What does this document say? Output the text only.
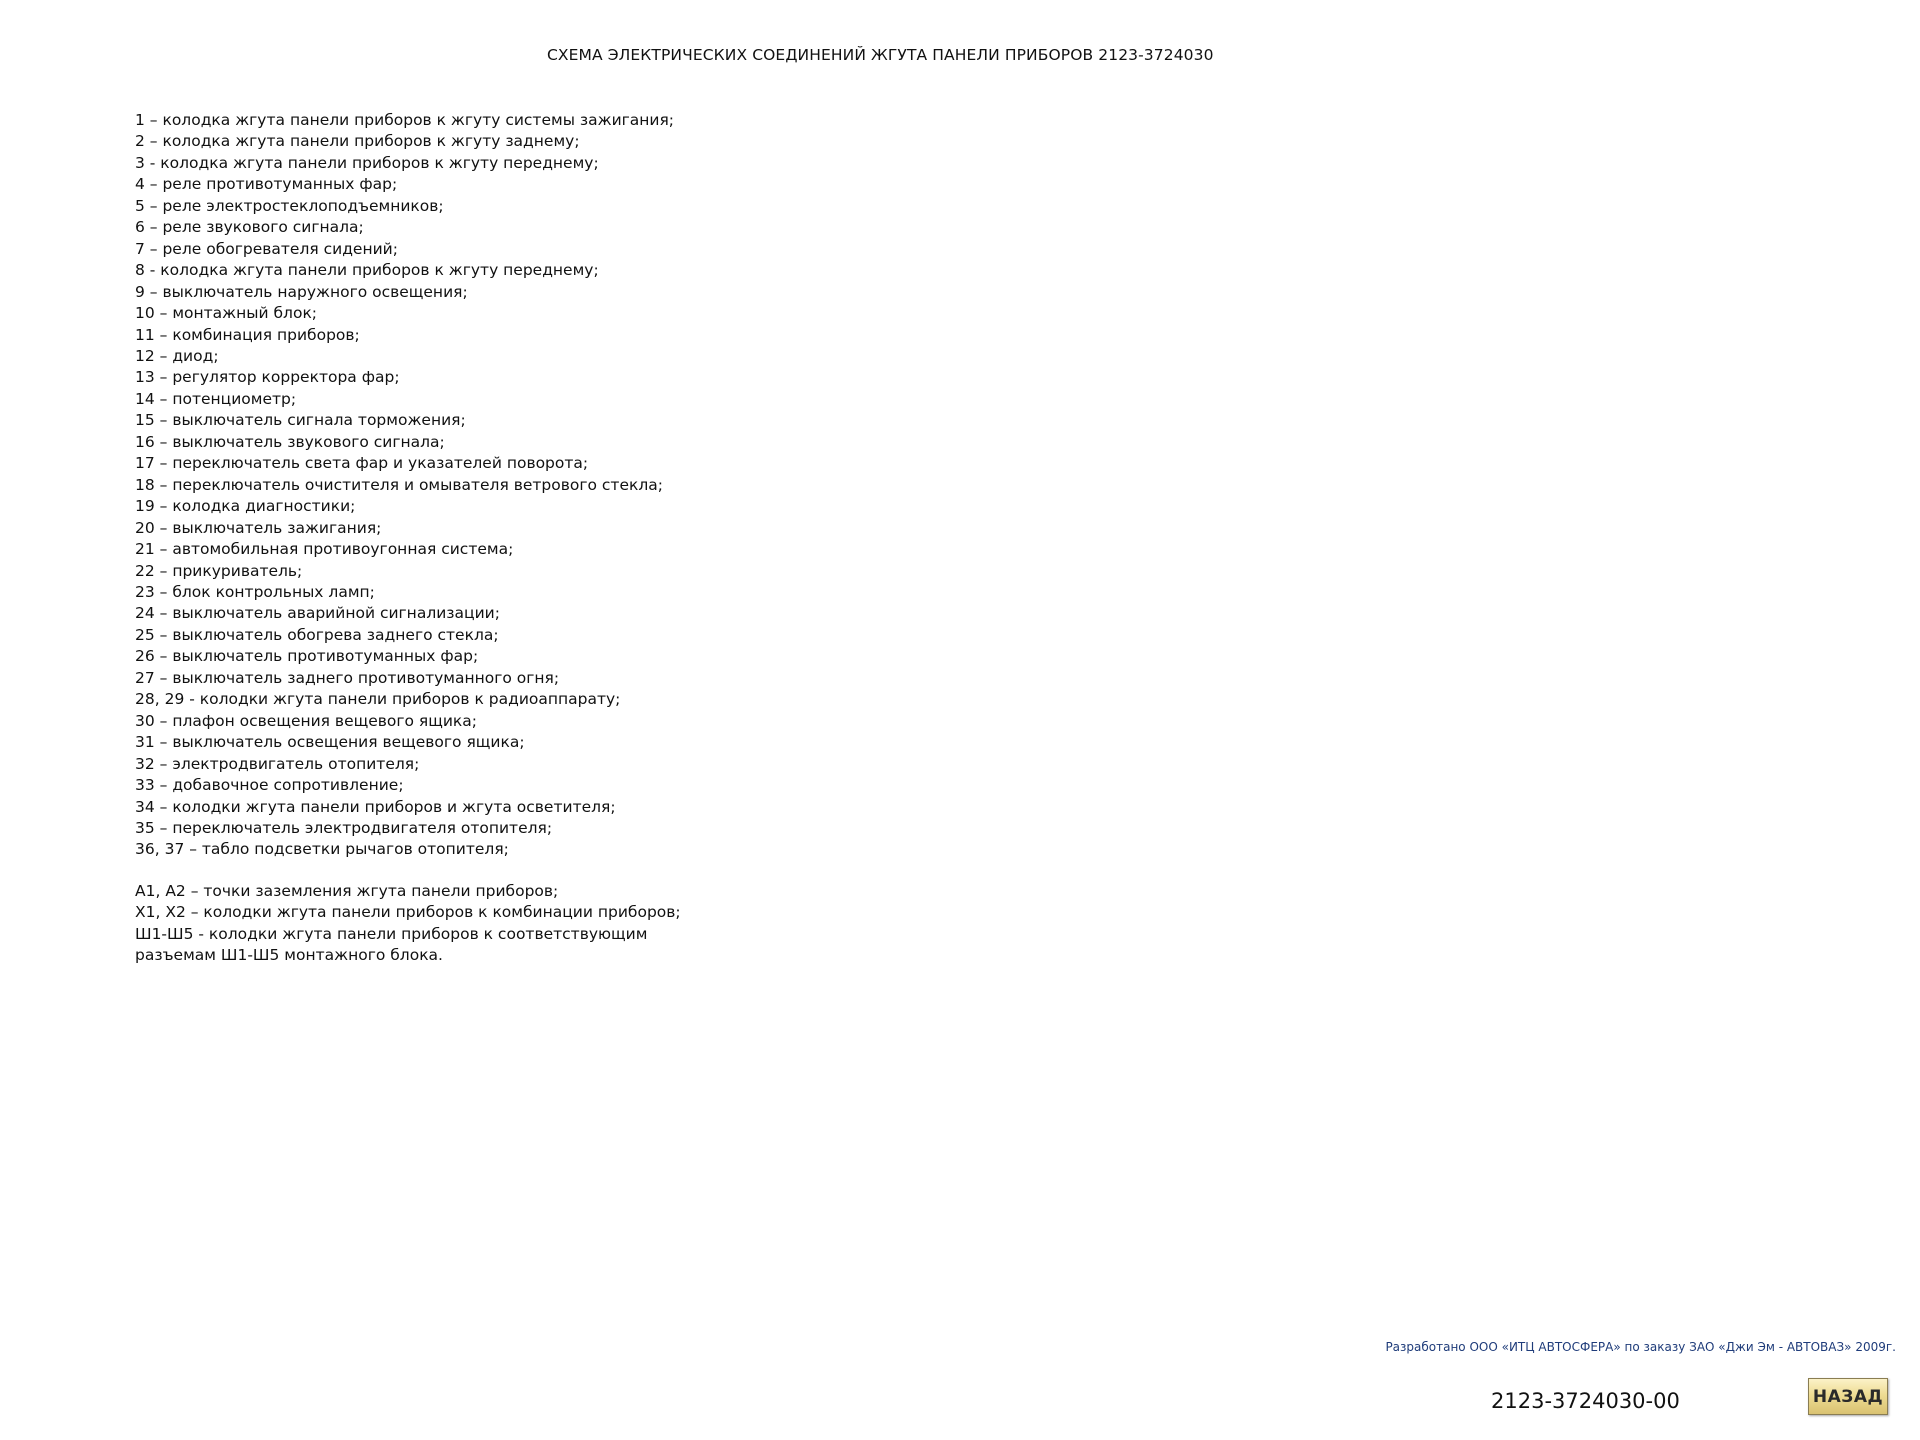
СХЕМА ЭЛЕКТРИЧЕСКИХ СОЕДИНЕНИЙ ЖГУТА ПАНЕЛИ ПРИБОРОВ 2123-3724030
1 – колодка жгута панели приборов к жгуту системы зажигания;
2 – колодка жгута панели приборов к жгуту заднему;
3 - колодка жгута панели приборов к жгуту переднему;
4 – реле противотуманных фар;
5 – реле электростеклоподъемников;
6 – реле звукового сигнала;
7 – реле обогревателя сидений;
8 - колодка жгута панели приборов к жгуту переднему;
9 – выключатель наружного освещения;
10 – монтажный блок;
11 – комбинация приборов;
12 – диод;
13 – регулятор корректора фар;
14 – потенциометр;
15 – выключатель сигнала торможения;
16 – выключатель звукового сигнала;
17 – переключатель света фар и указателей поворота;
18 – переключатель очистителя и омывателя ветрового стекла;
19 – колодка диагностики;
20 – выключатель зажигания;
21 – автомобильная противоугонная система;
22 – прикуриватель;
23 – блок контрольных ламп;
24 – выключатель аварийной сигнализации;
25 – выключатель обогрева заднего стекла;
26 – выключатель противотуманных фар;
27 – выключатель заднего противотуманного огня;
28, 29 - колодки жгута панели приборов к радиоаппарату;
30 – плафон освещения вещевого ящика;
31 – выключатель освещения вещевого ящика;
32 – электродвигатель отопителя;
33 – добавочное сопротивление;
34 – колодки жгута панели приборов и жгута осветителя;
35 – переключатель электродвигателя отопителя;
36, 37 – табло подсветки рычагов отопителя;
А1, А2 – точки заземления жгута панели приборов;
Х1, Х2 – колодки жгута панели приборов к комбинации приборов;
Ш1-Ш5 - колодки жгута панели приборов к соответствующим
разъемам Ш1-Ш5 монтажного блока.
Разработано ООО «ИТЦ АВТОСФЕРА» по заказу ЗАО «Джи Эм - АВТОВАЗ» 2009г.
2123-3724030-00	НАЗАД
